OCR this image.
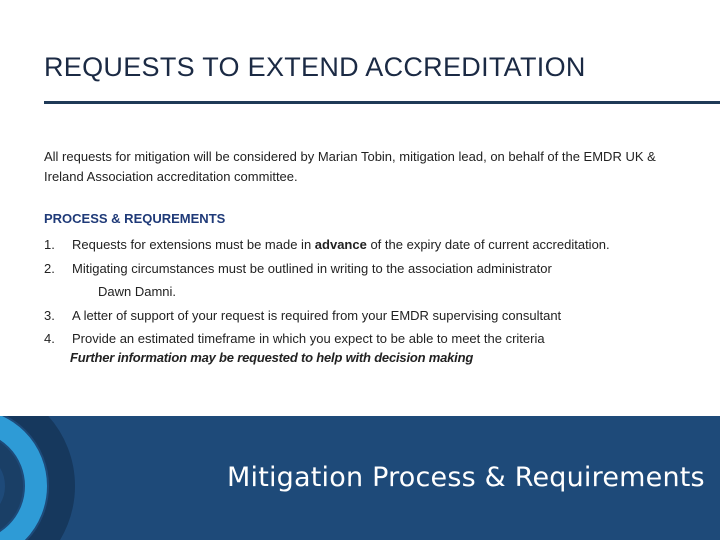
REQUESTS TO EXTEND ACCREDITATION

All requests for mitigation will be considered by Marian Tobin, mitigation lead, on behalf of the EMDR UK & Ireland Association accreditation committee.

PROCESS & REQUREMENTS
1. Requests for extensions must be made in advance of the expiry date of current accreditation.
2. Mitigating circumstances must be outlined in writing to the association administrator
Dawn Damni.
3. A letter of support of your request is required from your EMDR supervising consultant
4. Provide an estimated timeframe in which you expect to be able to meet the criteria

Further information may be requested to help with decision making

Mitigation Process & Requirements
